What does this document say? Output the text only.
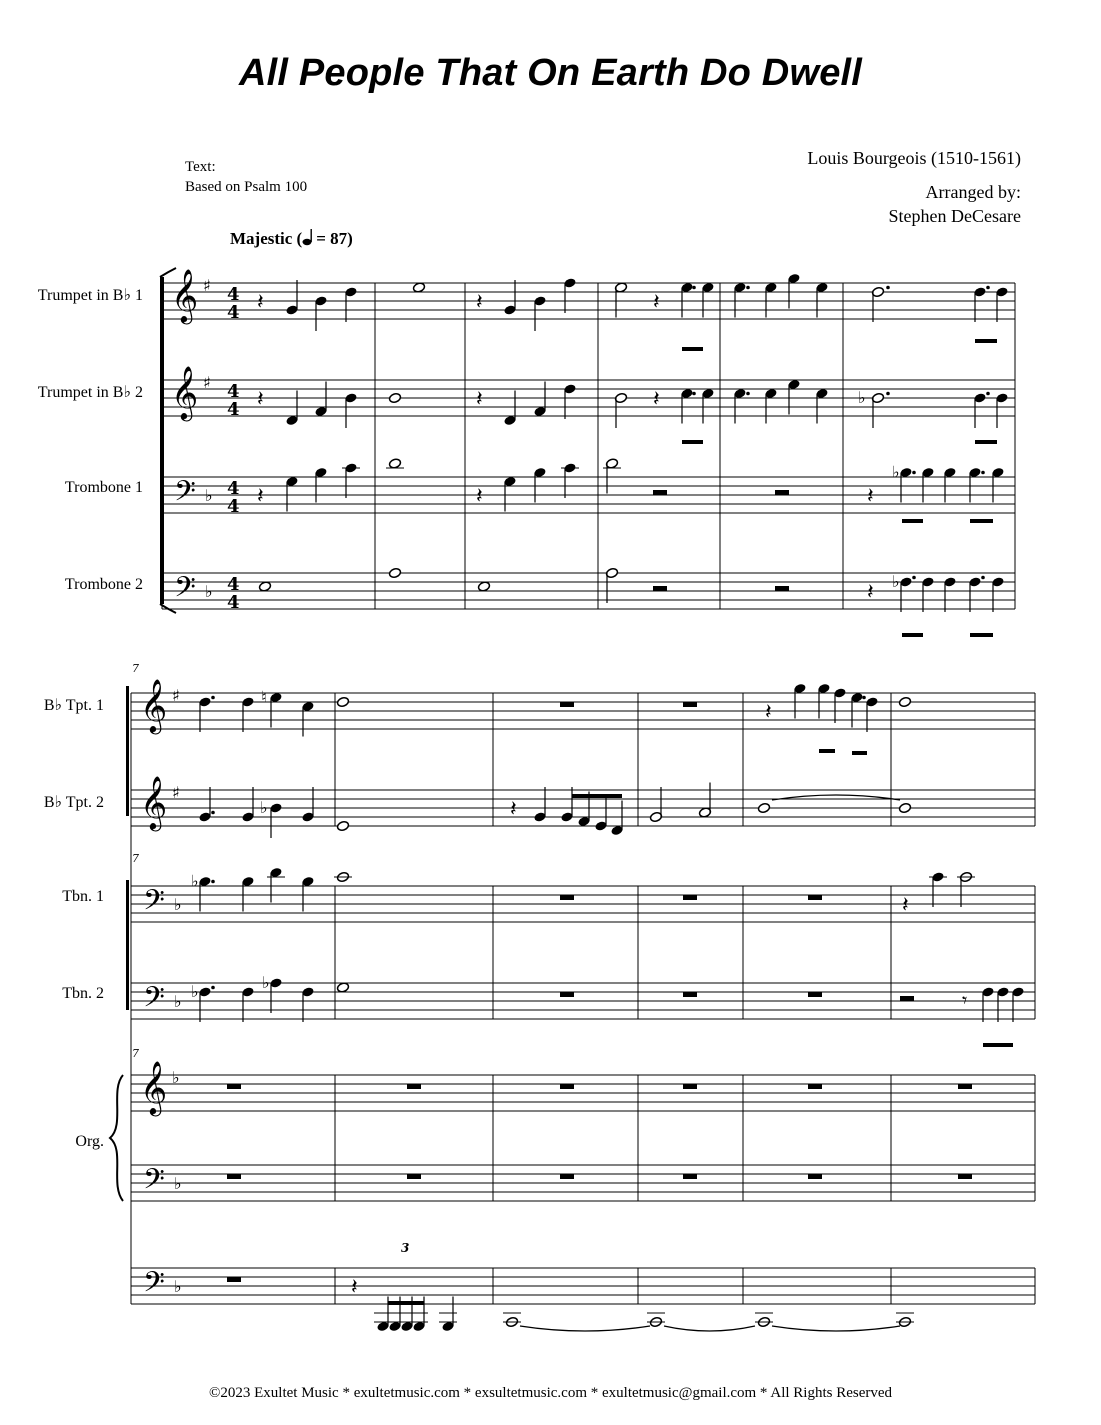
All People That On Earth Do Dwell
Text:
Based on Psalm 100
Louis Bourgeois (1510-1561)
Arranged by:
Stephen DeCesare
Majestic ( = 87)
Trumpet in B♭ 1
Trumpet in B♭ 2
Trombone 1
Trombone 2
B♭ Tpt. 1
B♭ Tpt. 2
Tbn. 1
Tbn. 2
Org.
©2023 Exultet Music * exultetmusic.com * exsultetmusic.com * exultetmusic@gmail.com * All Rights Reserved
𝄞 ♯ 4
4
𝄞 ♯ 4
4
𝄢 ♭ 4
4
𝄢 ♭ 4
4
𝄽	𝄽	𝄽
𝄽	𝄽	𝄽	♭
𝄽	𝄽	𝄽
♭
𝄽 ♭
7
7
7
𝄞 ♯
𝄞 ♯
𝄢 ♭
𝄢 ♭
𝄞 ♭
𝄢 ♭
𝄢 ♭
♮
𝄽
♭	𝄽
♭
𝄽
♭	♭
𝄾
𝄽
3
